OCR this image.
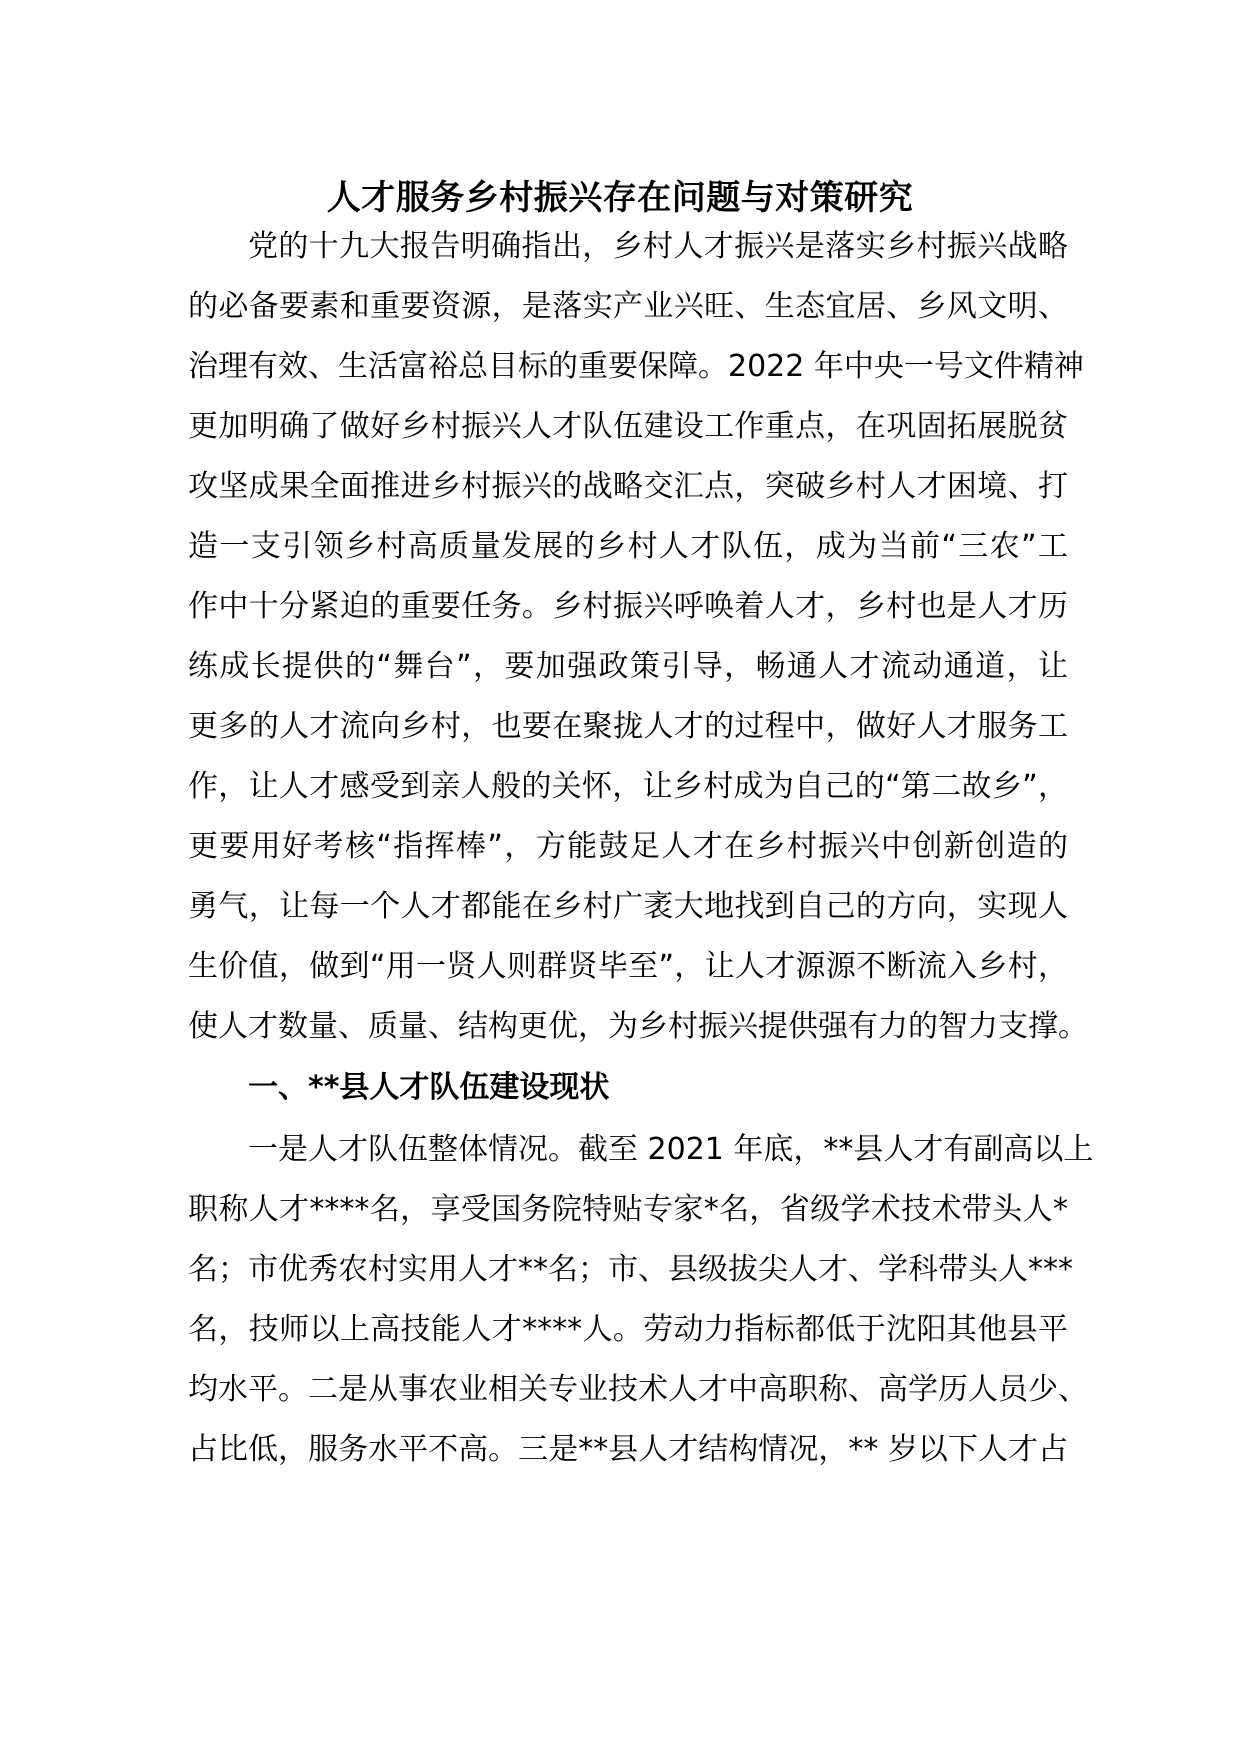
人才服务乡村振兴存在问题与对策研究
党的十九大报告明确指出，乡村人才振兴是落实乡村振兴战略
的必备要素和重要资源，是落实产业兴旺、生态宜居、乡风文明、
治理有效、生活富裕总目标的重要保障。2022 年中央一号文件精神
更加明确了做好乡村振兴人才队伍建设工作重点，在巩固拓展脱贫
攻坚成果全面推进乡村振兴的战略交汇点，突破乡村人才困境、打
造一支引领乡村高质量发展的乡村人才队伍，成为当前“三农”工
作中十分紧迫的重要任务。乡村振兴呼唤着人才，乡村也是人才历
练成长提供的“舞台”，要加强政策引导，畅通人才流动通道，让
更多的人才流向乡村，也要在聚拢人才的过程中，做好人才服务工
作，让人才感受到亲人般的关怀，让乡村成为自己的“第二故乡”，
更要用好考核“指挥棒”，方能鼓足人才在乡村振兴中创新创造的
勇气，让每一个人才都能在乡村广袤大地找到自己的方向，实现人
生价值，做到“用一贤人则群贤毕至”，让人才源源不断流入乡村，
使人才数量、质量、结构更优，为乡村振兴提供强有力的智力支撑。
一、**县人才队伍建设现状
一是人才队伍整体情况。截至 2021 年底，**县人才有副高以上
职称人才****名，享受国务院特贴专家*名，省级学术技术带头人*
名；市优秀农村实用人才**名；市、县级拔尖人才、学科带头人***
名，技师以上高技能人才****人。劳动力指标都低于沈阳其他县平
均水平。二是从事农业相关专业技术人才中高职称、高学历人员少、
占比低，服务水平不高。三是**县人才结构情况，** 岁以下人才占
